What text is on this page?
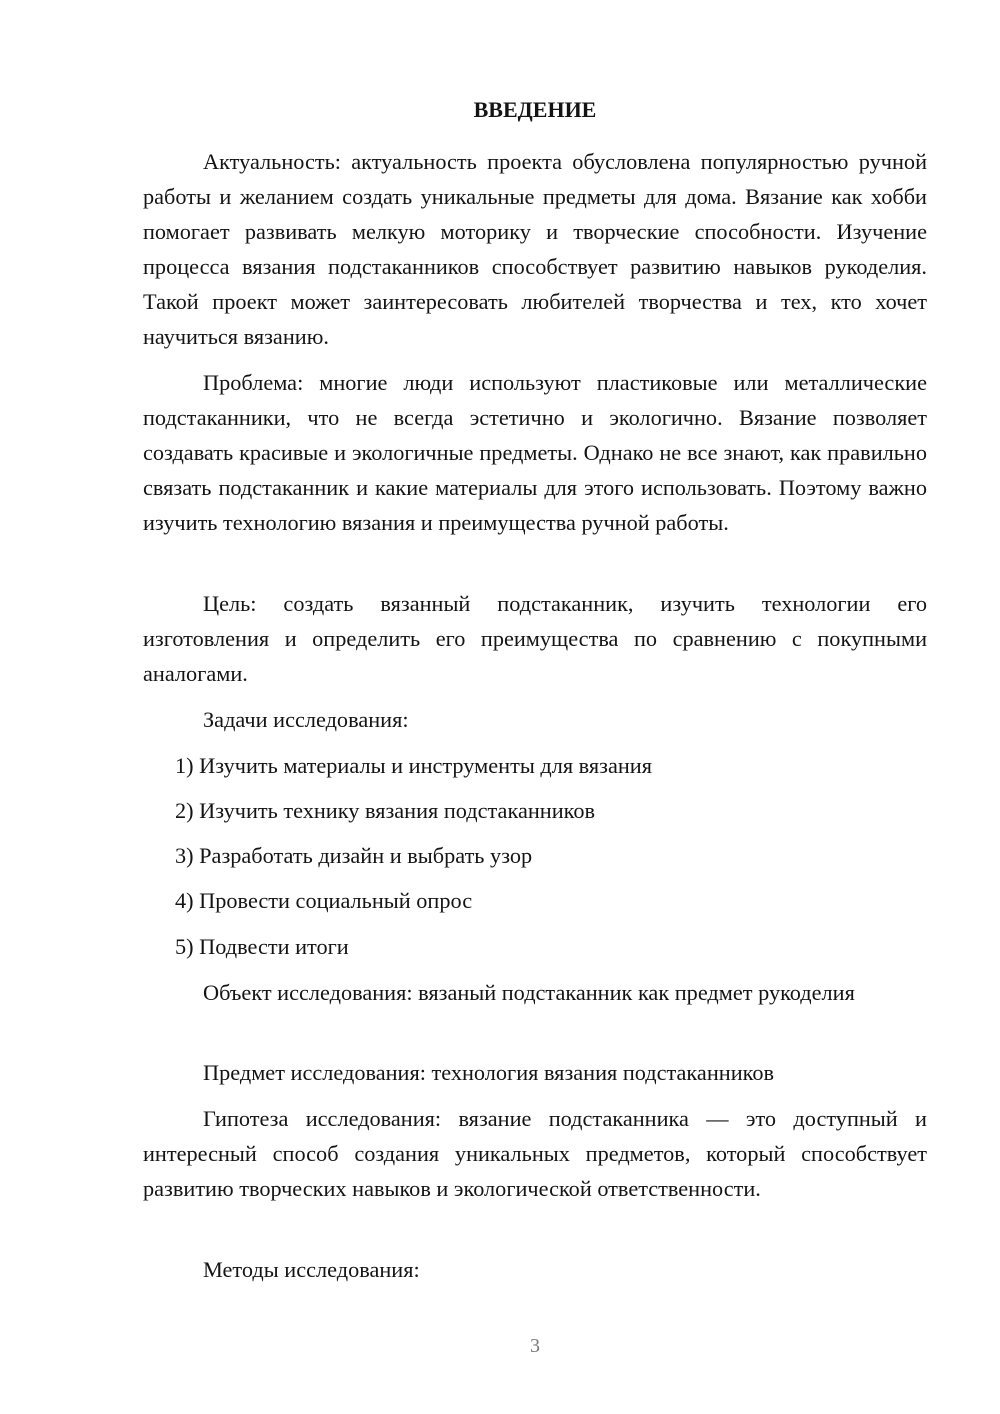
ВВЕДЕНИЕ

Актуальность: актуальность проекта обусловлена популярностью ручной работы и желанием создать уникальные предметы для дома. Вязание как хобби помогает развивать мелкую моторику и творческие способности. Изучение процесса вязания подстаканников способствует развитию навыков рукоделия. Такой проект может заинтересовать любителей творчества и тех, кто хочет научиться вязанию.

Проблема: многие люди используют пластиковые или металлические подстаканники, что не всегда эстетично и экологично. Вязание позволяет создавать красивые и экологичные предметы. Однако не все знают, как правильно связать подстаканник и какие материалы для этого использовать. Поэтому важно изучить технологию вязания и преимущества ручной работы.

Цель: создать вязанный подстаканник, изучить технологии его изготовления и определить его преимущества по сравнению с покупными аналогами.

Задачи исследования:

1) Изучить материалы и инструменты для вязания

2) Изучить технику вязания подстаканников

3) Разработать дизайн и выбрать узор

4) Провести социальный опрос

5) Подвести итоги

Объект исследования: вязаный подстаканник как предмет рукоделия

Предмет исследования: технология вязания подстаканников

Гипотеза исследования: вязание подстаканника — это доступный и интересный способ создания уникальных предметов, который способствует развитию творческих навыков и экологической ответственности.

Методы исследования:

3
